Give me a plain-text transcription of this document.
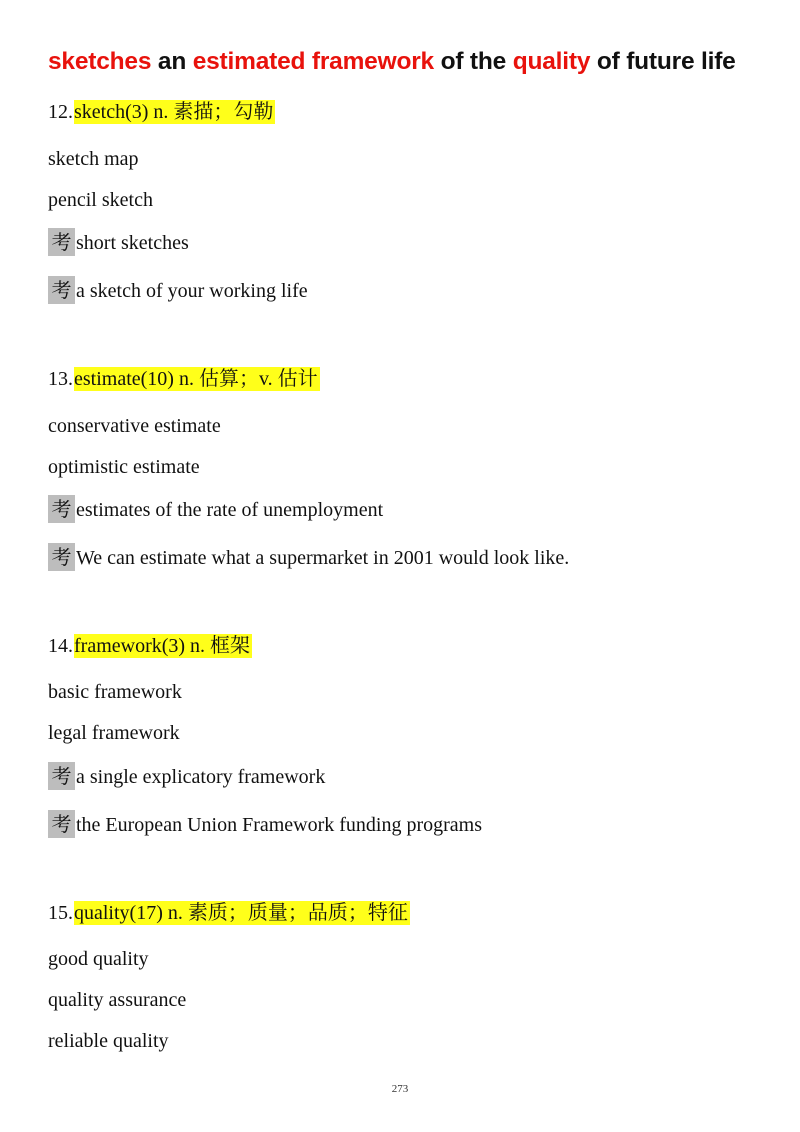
sketches an estimated framework of the quality of future life
12.sketch(3) n. 素描；勾勒
sketch map
pencil sketch
考 short sketches
考 a sketch of your working life
13.estimate(10) n. 估算；v. 估计
conservative estimate
optimistic estimate
考 estimates of the rate of unemployment
考 We can estimate what a supermarket in 2001 would look like.
14.framework(3) n. 框架
basic framework
legal framework
考 a single explicatory framework
考 the European Union Framework funding programs
15.quality(17) n. 素质；质量；品质；特征
good quality
quality assurance
reliable quality
273
